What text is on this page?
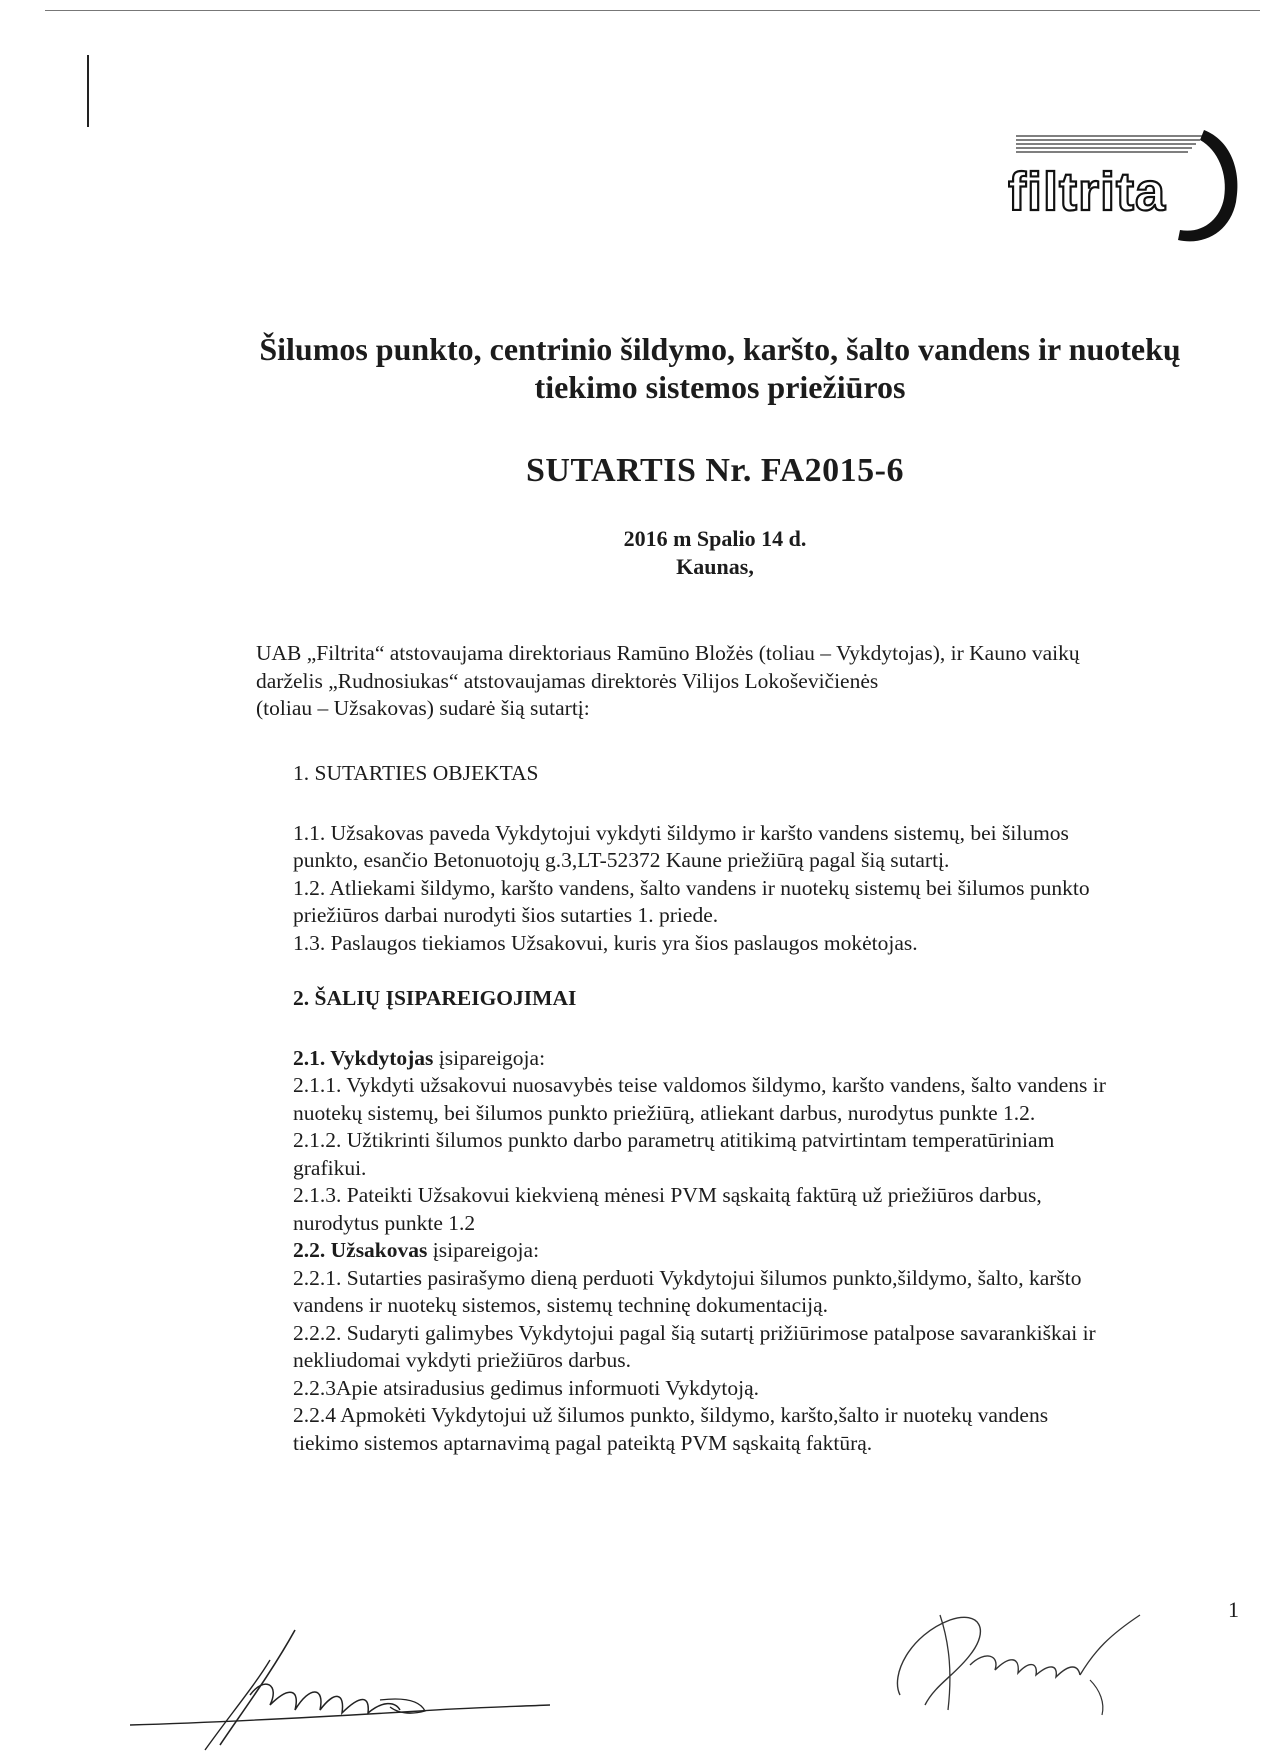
filtrita
Šilumos punkto, centrinio šildymo, karšto, šalto vandens ir nuotekų
tiekimo sistemos priežiūros
SUTARTIS Nr. FA2015-6
2016 m Spalio 14 d.
Kaunas,

UAB „Filtrita“ atstovaujama direktoriaus Ramūno Bložės (toliau – Vykdytojas), ir Kauno vaikų

darželis „Rudnosiukas“ atstovaujamas direktorės Vilijos Lokoševičienės

(toliau – Užsakovas) sudarė šią sutartį:

1. SUTARTIES OBJEKTAS

1.1. Užsakovas paveda Vykdytojui vykdyti šildymo ir karšto vandens sistemų, bei šilumos

punkto, esančio Betonuotojų g.3,LT-52372 Kaune priežiūrą pagal šią sutartį.

1.2. Atliekami šildymo, karšto vandens, šalto vandens ir nuotekų sistemų bei šilumos punkto

priežiūros darbai nurodyti šios sutarties 1. priede.

1.3. Paslaugos tiekiamos Užsakovui, kuris yra šios paslaugos mokėtojas.

2. ŠALIŲ ĮSIPAREIGOJIMAI

2.1. Vykdytojas įsipareigoja:

2.1.1. Vykdyti užsakovui nuosavybės teise valdomos šildymo, karšto vandens, šalto vandens ir

nuotekų sistemų, bei šilumos punkto priežiūrą, atliekant darbus, nurodytus punkte 1.2.

2.1.2. Užtikrinti šilumos punkto darbo parametrų atitikimą patvirtintam temperatūriniam

grafikui.

2.1.3. Pateikti Užsakovui kiekvieną mėnesi PVM sąskaitą faktūrą už priežiūros darbus,

nurodytus punkte 1.2

2.2. Užsakovas įsipareigoja:

2.2.1. Sutarties pasirašymo dieną perduoti Vykdytojui šilumos punkto,šildymo, šalto, karšto

vandens ir nuotekų sistemos, sistemų techninę dokumentaciją.

2.2.2. Sudaryti galimybes Vykdytojui pagal šią sutartį prižiūrimose patalpose savarankiškai ir

nekliudomai vykdyti priežiūros darbus.

2.2.3Apie atsiradusius gedimus informuoti Vykdytoją.

2.2.4 Apmokėti Vykdytojui už šilumos punkto, šildymo, karšto,šalto ir nuotekų vandens

tiekimo sistemos aptarnavimą pagal pateiktą PVM sąskaitą faktūrą.

1
